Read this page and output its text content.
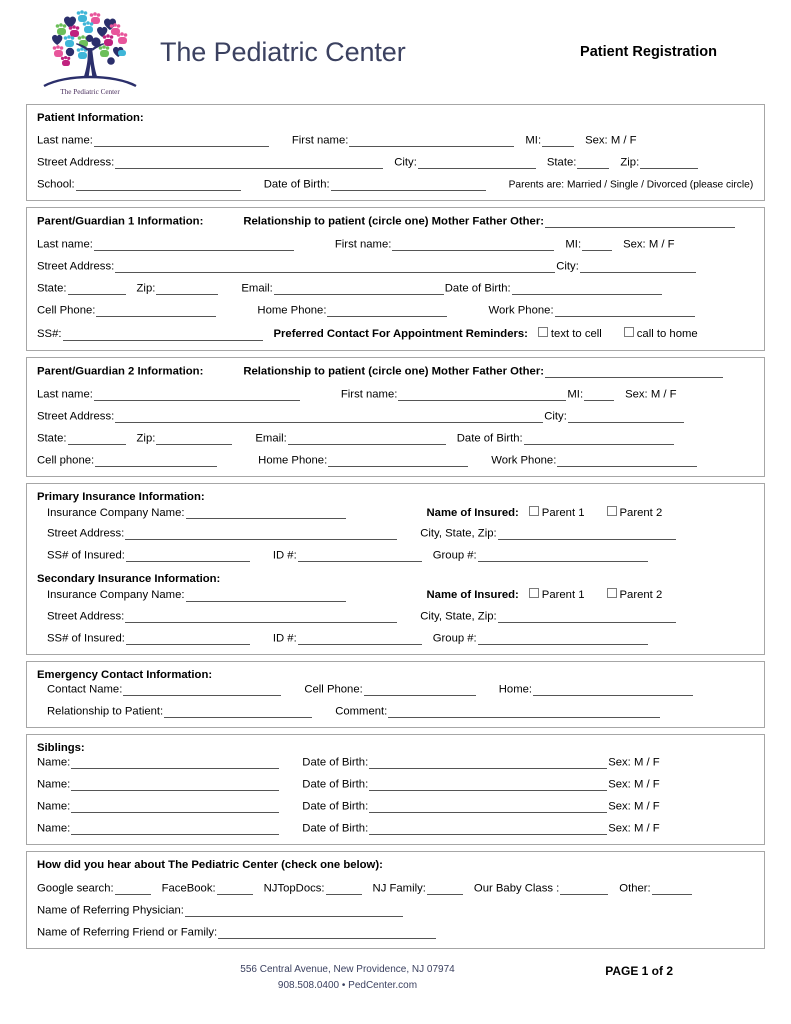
The Pediatric Center
The Pediatric Center	Patient Registration
Patient Information:
Last name:	First name:	MI:	Sex: M / F
Street Address:	City:	State:	Zip:
School:	Date of Birth:	Parents are: Married / Single / Divorced (please circle)
Parent/Guardian 1 Information:	Relationship to patient (circle one) Mother Father Other:
Last name:	First name:	MI:	Sex: M / F
Street Address:	City:
State:	Zip:	Email:	Date of Birth:
Cell Phone:	Home Phone:	Work Phone:
SS#:	Preferred Contact For Appointment Reminders: text to cell	call to home
Parent/Guardian 2 Information:	Relationship to patient (circle one) Mother Father Other:
Last name:	First name:	MI:	Sex: M / F
Street Address:	City:
State:	Zip:	Email:	Date of Birth:
Cell phone:	Home Phone:	Work Phone:
Primary Insurance Information:
Insurance Company Name:	Name of Insured: Parent 1	Parent 2
Street Address:	City, State, Zip:
SS# of Insured:	ID #:	Group #:
Secondary Insurance Information:
Insurance Company Name:	Name of Insured: Parent 1	Parent 2
Street Address:	City, State, Zip:
SS# of Insured:	ID #:	Group #:
Emergency Contact Information:
Contact Name:	Cell Phone:	Home:
Relationship to Patient:	Comment:
Siblings:
Name:	Date of Birth:	Sex: M / F
Name:	Date of Birth:	Sex: M / F
Name:	Date of Birth:	Sex: M / F
Name:	Date of Birth:	Sex: M / F
How did you hear about The Pediatric Center (check one below):
Google search:	FaceBook:	NJTopDocs:	NJ Family:	Our Baby Class :	Other:
Name of Referring Physician:
Name of Referring Friend or Family:
556 Central Avenue, New Providence, NJ 07974
908.508.0400 • PedCenter.com
PAGE 1 of 2
